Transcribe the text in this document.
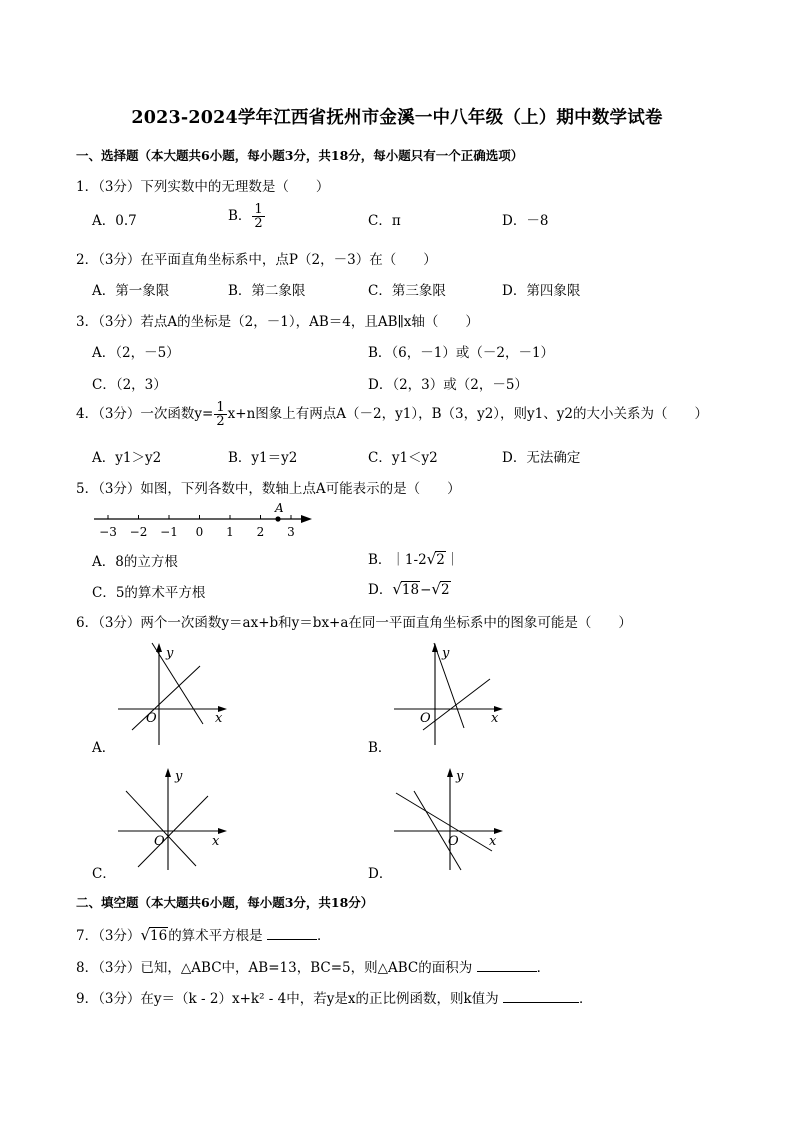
2023-2024学年江西省抚州市金溪一中八年级（上）期中数学试卷
一、选择题（本大题共6小题，每小题3分，共18分，每小题只有一个正确选项）
1．（3分）下列实数中的无理数是（　　）
A．0.7	B． $\frac{1}{2}$	C．π	D．－8
2．（3分）在平面直角坐标系中，点P（2，－3）在（　　）
A．第一象限	B．第二象限	C．第三象限	D．第四象限
3．（3分）若点A的坐标是（2，－1），AB＝4，且AB∥x轴（　　）
A．（2，－5）	B．（6，－1）或（－2，－1）
C．（2，3）	D．（2，3）或（2，－5）
4．（3分）一次函数$y= \frac{1}{2} x+n$图象上有两点A（－2，y1），B（3，y2），则y1、y2的大小关系为（　　）
A．y1＞y2	B．y1＝y2	C．y1＜y2	D．无法确定
5．（3分）如图，下列各数中，数轴上点A可能表示的是（　　）
−3 −2 −1 0 1 2 3
A
A．8的立方根	B．｜1-2√2｜
C．5的算术平方根	D．√18−√2
6．（3分）两个一次函数y＝ax+b和y＝bx+a在同一平面直角坐标系中的图象可能是（　　）
y
O	x
A．
y
O	x
B．
y
O	x
C．
y
O x
D．
二、填空题（本大题共6小题，每小题3分，共18分）
7．（3分）√16的算术平方根是	．
8．（3分）已知，△ABC中，AB=13，BC=5，则△ABC的面积为	．
9．（3分）在y＝（k - 2）x+k² - 4中，若y是x的正比例函数，则k值为	．
